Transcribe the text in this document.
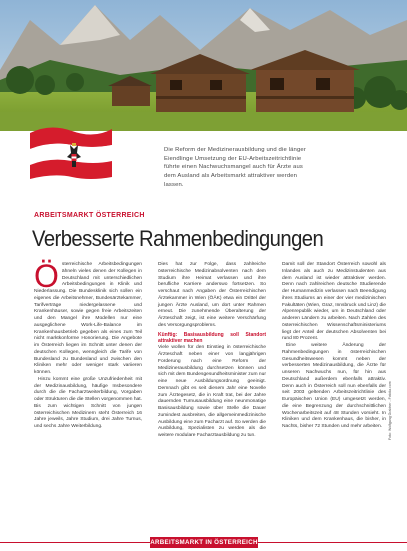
Die Reform der Medizinerausbildung und die länger Eiendlinge Umsetzung der EU-Arbeitszeitrichtlinie führte einen Nachwuchsmangel auch für Ärzte aus dem Ausland als Arbeitsmarkt attraktiver werden lassen.
ARBEITSMARKT ÖSTERREICH
Verbesserte Rahmenbedingungen
Ö sterreichische Arbeitsbedingungen ähneln vieles denen der Kollegen in Deutschland mit unterschiedlichen Arbeitsbedingungen in Klinik und Niederlassung. Die Bundesklinik sich sollen ein eigenes die Arbeitsnehmer, Bundesärztekammer, Tarifverträge niedergelassene und Krankenhäuser, sowie gegen freie Arbeitszeiten und den Mangel ihre Modellen nur eine ausgeglichene Work-Life-Balance im Krankenhausbetrieb gegeben als eines zum Teil nicht marktkonforme Honorierung. Die Angebote im Österreich liegen im Schnitt unter denen der deutschen Kollegen, wenngleich die Tarife von Bundesland zu Bundesland und zwischen den Kliniken mehr oder weniger stark variieren können.

Hinzu kommt eine große Unzufriedenheit mit der Medizinausbildung, häufige Insbesondere durch die die Facharztweiterbildung, Vorgaben oder Strukturen die die Stellen vorgenommen hat. Bis zum wichtigen Schnitt von jungen österreichischen Medizinern steht Österreich 16 Jahre jeweils, Jahre Studium, drei Jahre Turnus, und sechs Jahre Weiterbildung.

Dies hat zur Folge, dass zahlreiche österreichische Medizinabsolventen nach dem Studium ihre Heimat verlassen und ihre berufliche Karriere anderswo fortsetzen. So verschaut nach Angaben der Österreichischen Ärztekammer in Wien (ÖÄK) etwa ein Drittel der jungen Ärzte Ausland, um dort unter Rahmen erneut. Die zunehmende Überalterung der Ärzteschaft zeigt, ist eine weitere Verschärfung des Versorgungsproblems.

Künftig: Basisausbildung soll Standort attraktiver machen

Viele wollen für den Einstieg in österreichische Ärzteschaft neben einer von langjährigen Forderung nach eine Reform der Medizinerausbildung durchsetzen können und sich mit dem Bundesgesundheitsminister zum nur eine neue Ausbildungsordnung geeinigt. Demnach gibt es seit diesem Jahr eine Novelle zum Ärztegesetz, die in Kraft trat, bei der Jahre dauernden Turnusausbildung eine neunmonatige Basisausbildung sowie über Stelle die Dauer zumindest ausbreiten, die allgemeinmedizinische Ausbildung eine zum Facharzt auf. So werden die Ausbildung, Spezialisten zu werden als die weitere modulare Facharztausbildung zu tun.

Damit soll der Standort Österreich sowohl als Inlandes als auch zu Medizinstudenten aus dem Ausland ist wieder attraktiver werden. Denn nach zahlreichen deutsche Studierende der Humanmedizin verlassen nach Beendigung ihres Studiums an einer der vier medizinischen Fakultäten (Wien, Graz, Innsbruck und Linz) die Alpenrepublik wieder, um in Deutschland oder anderen Ländern zu arbeiten. Nach Zahlen des österreichischen Wissenschaftsministeriums liegt der Anteil der deutschen Absolventen bei rund 80 Prozent.

Eine weitere Änderung der Rahmenbedingungen in österreichischen Gesundheitswesen kommt neben der verbesserten Medizinausbildung, die Ärzte für unseren Nachwuchs nun, für hin aus Deutschland außerdem ebenfalls attraktiv. Denn auch in Österreich soll nun ebenfalls der seit 2003 geltenden Arbeitszeitrichtlinie des Europäischen Union (EU) umgesetzt werden, die eine Begrenzung der durchschnittlichen Wochenarbeitszeit auf 48 Stunden vorsieht. In Kliniken und dem Krankenhaus, die bisher, in Nachts, bisher 72 Stunden und mehr arbeiten.	Foto: Wolfgang Grabher - Fotolia.com
ARBEITSMARKT IN ÖSTERREICH
